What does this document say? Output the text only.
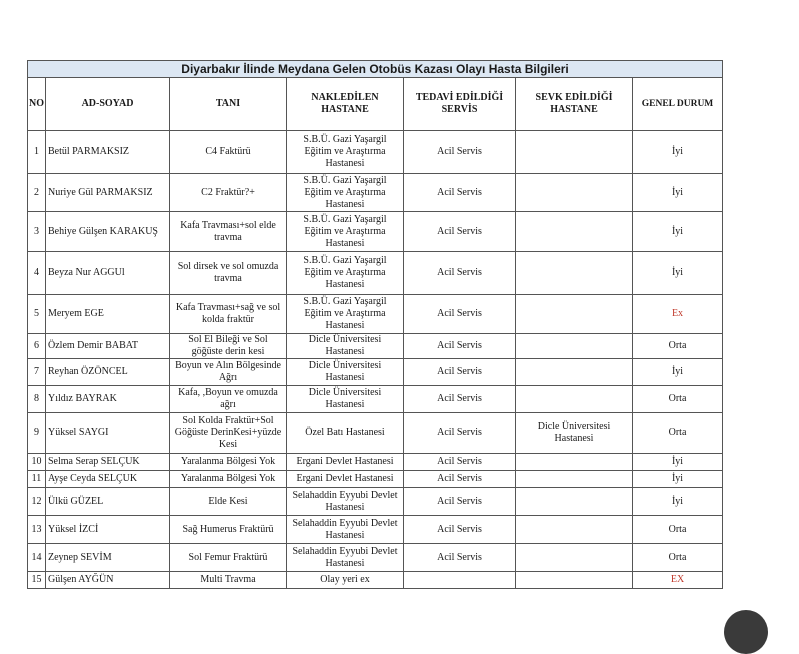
Diyarbakır İlinde Meydana Gelen Otobüs Kazası Olayı Hasta Bilgileri						
NO	AD-SOYAD	TANI	NAKLEDİLEN HASTANE	TEDAVİ EDİLDİĞİ SERVİS	SEVK EDİLDİĞİ HASTANE	GENEL DURUM
1	Betül PARMAKSIZ	C4 Faktürü	S.B.Ü. Gazi Yaşargil Eğitim ve Araştırma Hastanesi	Acil Servis		İyi
2	Nuriye Gül PARMAKSIZ	C2 Fraktür?+	S.B.Ü. Gazi Yaşargil Eğitim ve Araştırma Hastanesi	Acil Servis		İyi
3	Behiye Gülşen KARAKUŞ	Kafa Travması+sol elde travma	S.B.Ü. Gazi Yaşargil Eğitim ve Araştırma Hastanesi	Acil Servis		İyi
4	Beyza Nur AGGUl	Sol dirsek ve sol omuzda travma	S.B.Ü. Gazi Yaşargil Eğitim ve Araştırma Hastanesi	Acil Servis		İyi
5	Meryem EGE	Kafa Travması+sağ ve sol kolda fraktür	S.B.Ü. Gazi Yaşargil Eğitim ve Araştırma Hastanesi	Acil Servis		Ex
6	Özlem Demir BABAT	Sol El Bileği ve Sol göğüste derin kesi	Dicle Üniversitesi Hastanesi	Acil Servis		Orta
7	Reyhan ÖZÖNCEL	Boyun ve Alın Bölgesinde Ağrı	Dicle Üniversitesi Hastanesi	Acil Servis		İyi
8	Yıldız BAYRAK	Kafa, ,Boyun ve omuzda ağrı	Dicle Üniversitesi Hastanesi	Acil Servis		Orta
9	Yüksel SAYGI	Sol Kolda Fraktür+Sol Göğüste DerinKesi+yüzde Kesi	Özel Batı Hastanesi	Acil Servis	Dicle Üniversitesi Hastanesi	Orta
10	Selma Serap SELÇUK	Yaralanma Bölgesi Yok	Ergani Devlet Hastanesi	Acil Servis		İyi
11	Ayşe Ceyda SELÇUK	Yaralanma Bölgesi Yok	Ergani Devlet Hastanesi	Acil Servis		İyi
12	Ülkü GÜZEL	Elde Kesi	Selahaddin Eyyubi Devlet Hastanesi	Acil Servis		İyi
13	Yüksel İZCİ	Sağ Humerus Fraktürü	Selahaddin Eyyubi Devlet Hastanesi	Acil Servis		Orta
14	Zeynep SEVİM	Sol Femur Fraktürü	Selahaddin Eyyubi Devlet Hastanesi	Acil Servis		Orta
15	Gülşen AYĞÜN	Multi Travma	Olay yeri ex			EX
